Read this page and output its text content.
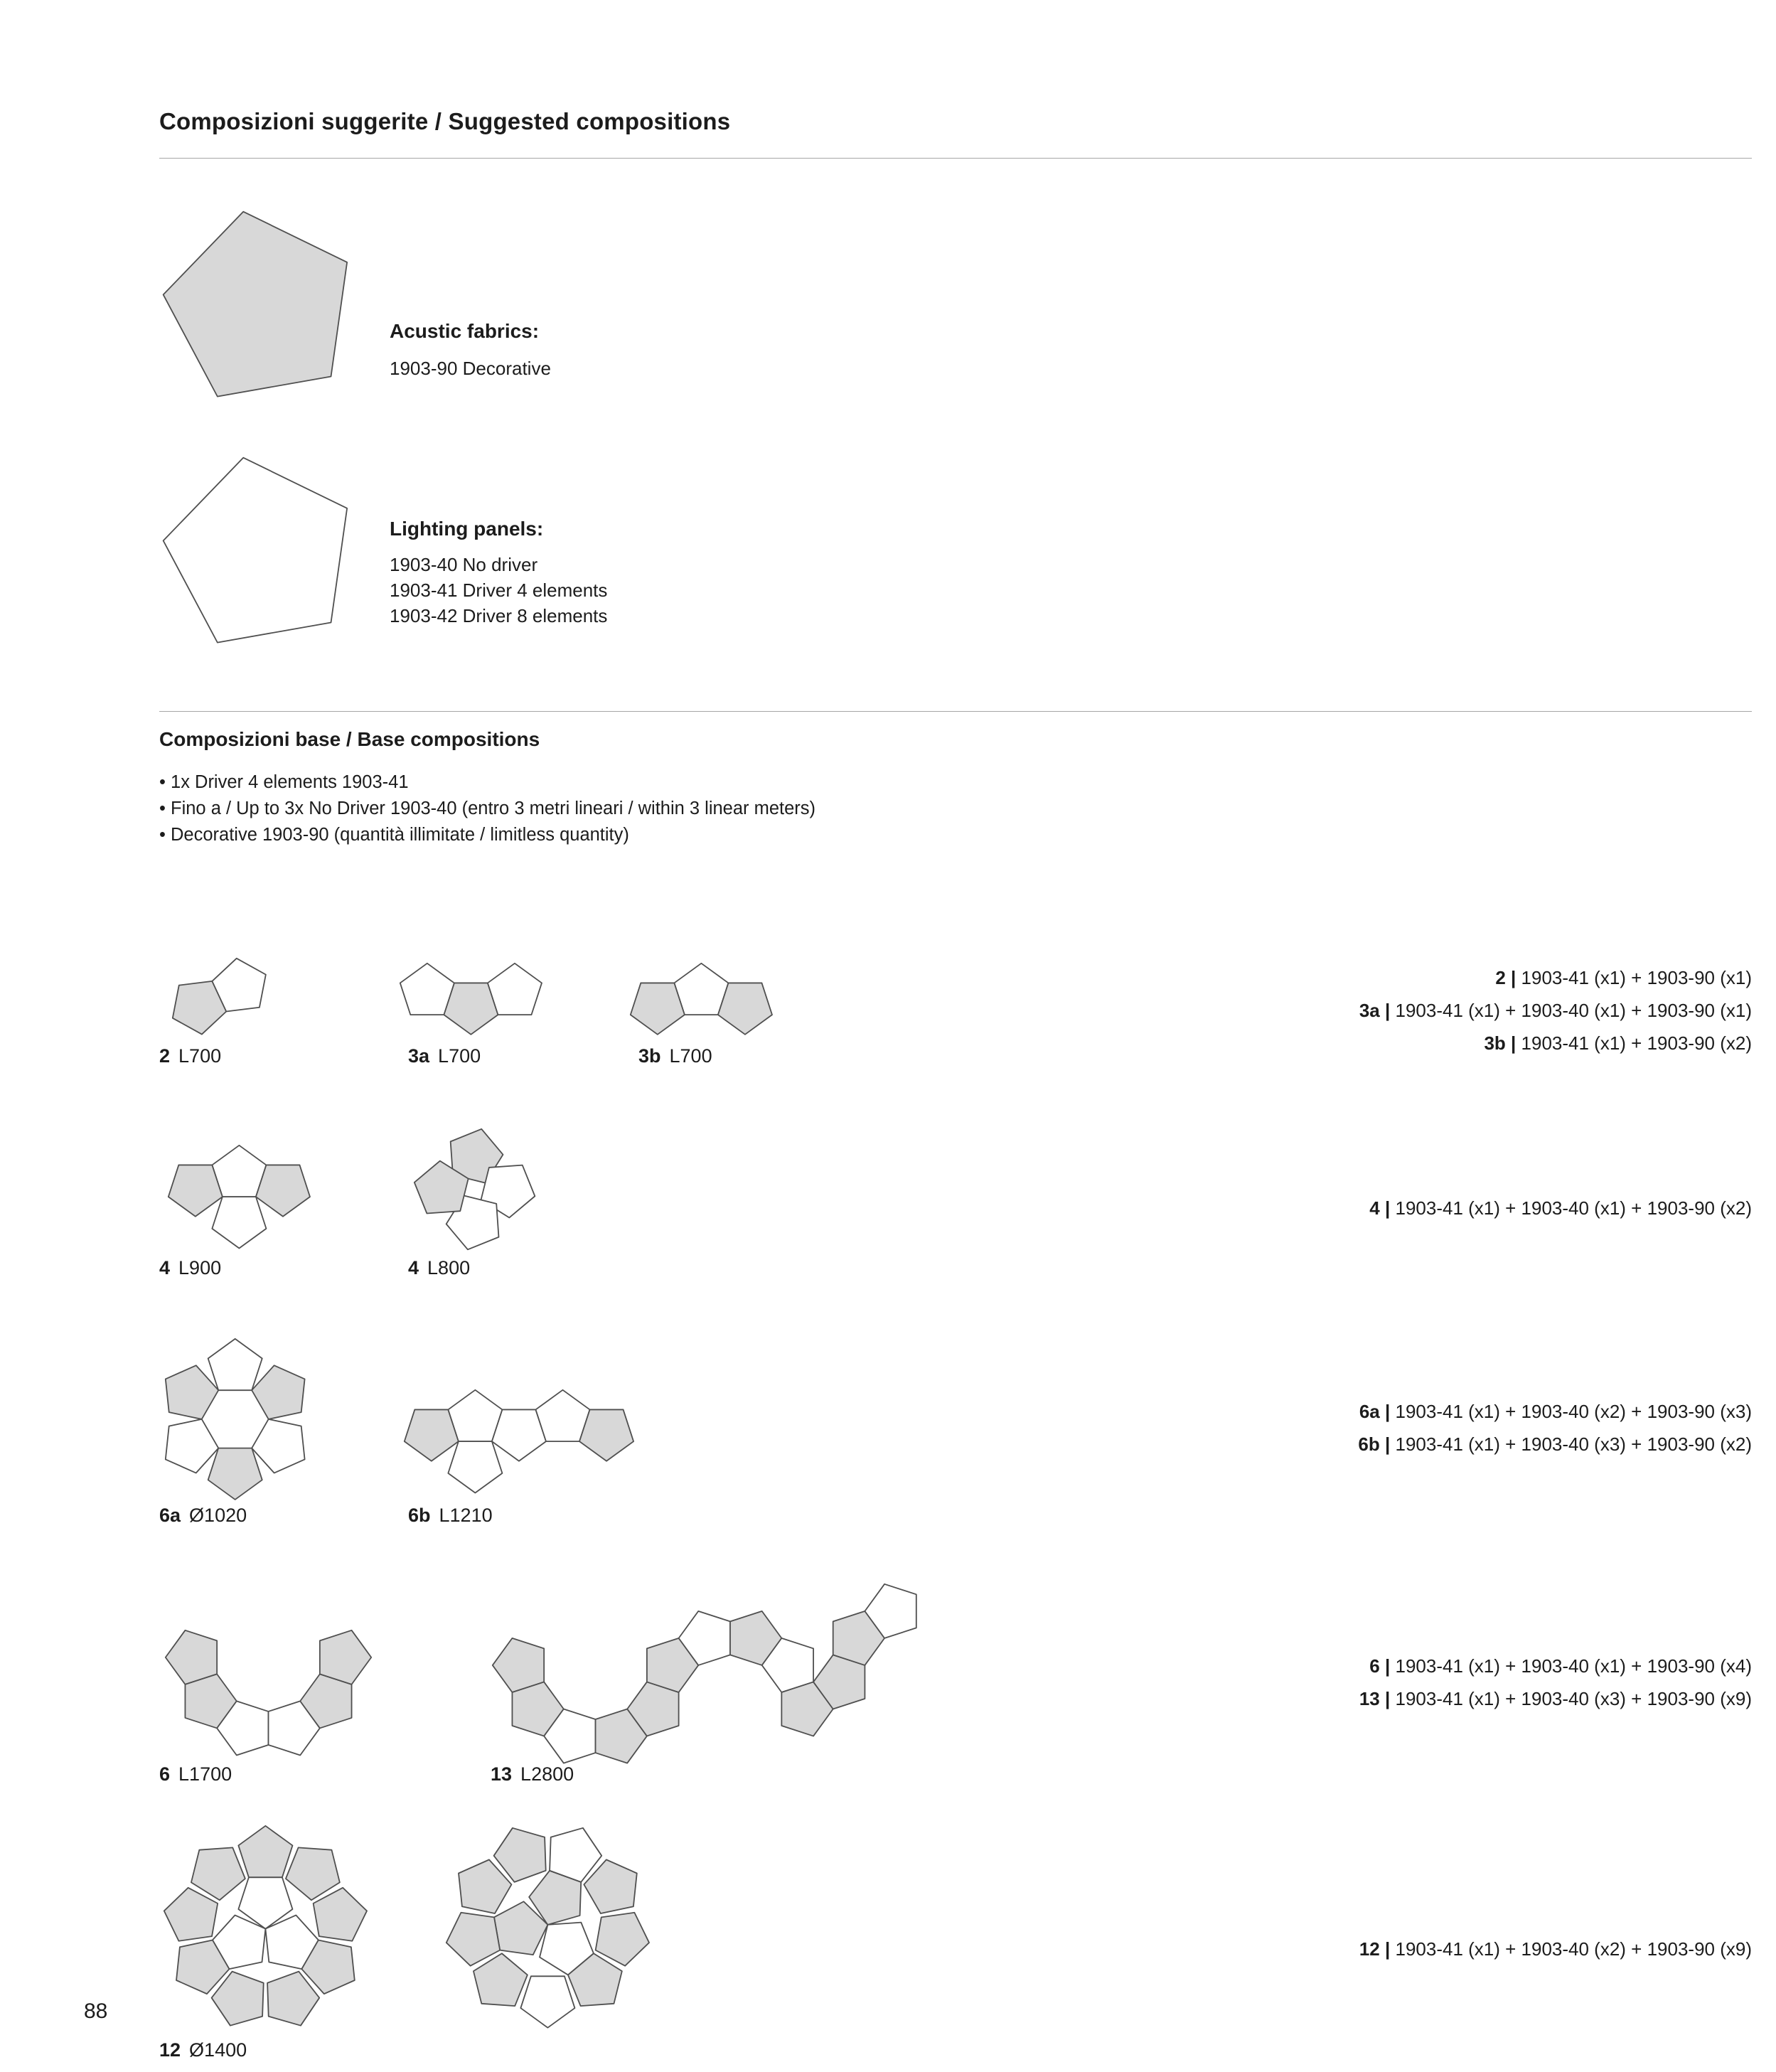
Composizioni suggerite / Suggested compositions
Acustic fabrics:
1903-90 Decorative
Lighting panels:
1903-40 No driver
1903-41 Driver 4 elements
1903-42 Driver 8 elements
Composizioni base / Base compositions
• 1x Driver 4 elements 1903-41
• Fino a / Up to 3x No Driver 1903-40 (entro 3 metri lineari / within 3 linear meters)
• Decorative 1903-90 (quantità illimitate / limitless quantity)
2 L700	3a L700	3b L700
4 L900	4 L800
6a Ø1020	6b L1210
6 L1700	13 L2800
12 Ø1400
2 | 1903-41 (x1) + 1903-90 (x1)
3a | 1903-41 (x1) + 1903-40 (x1) + 1903-90 (x1)
3b | 1903-41 (x1) + 1903-90 (x2)
4 | 1903-41 (x1) + 1903-40 (x1) + 1903-90 (x2)
6a | 1903-41 (x1) + 1903-40 (x2) + 1903-90 (x3)
6b | 1903-41 (x1) + 1903-40 (x3) + 1903-90 (x2)
6 | 1903-41 (x1) + 1903-40 (x1) + 1903-90 (x4)
13 | 1903-41 (x1) + 1903-40 (x3) + 1903-90 (x9)
12 | 1903-41 (x1) + 1903-40 (x2) + 1903-90 (x9)
88
